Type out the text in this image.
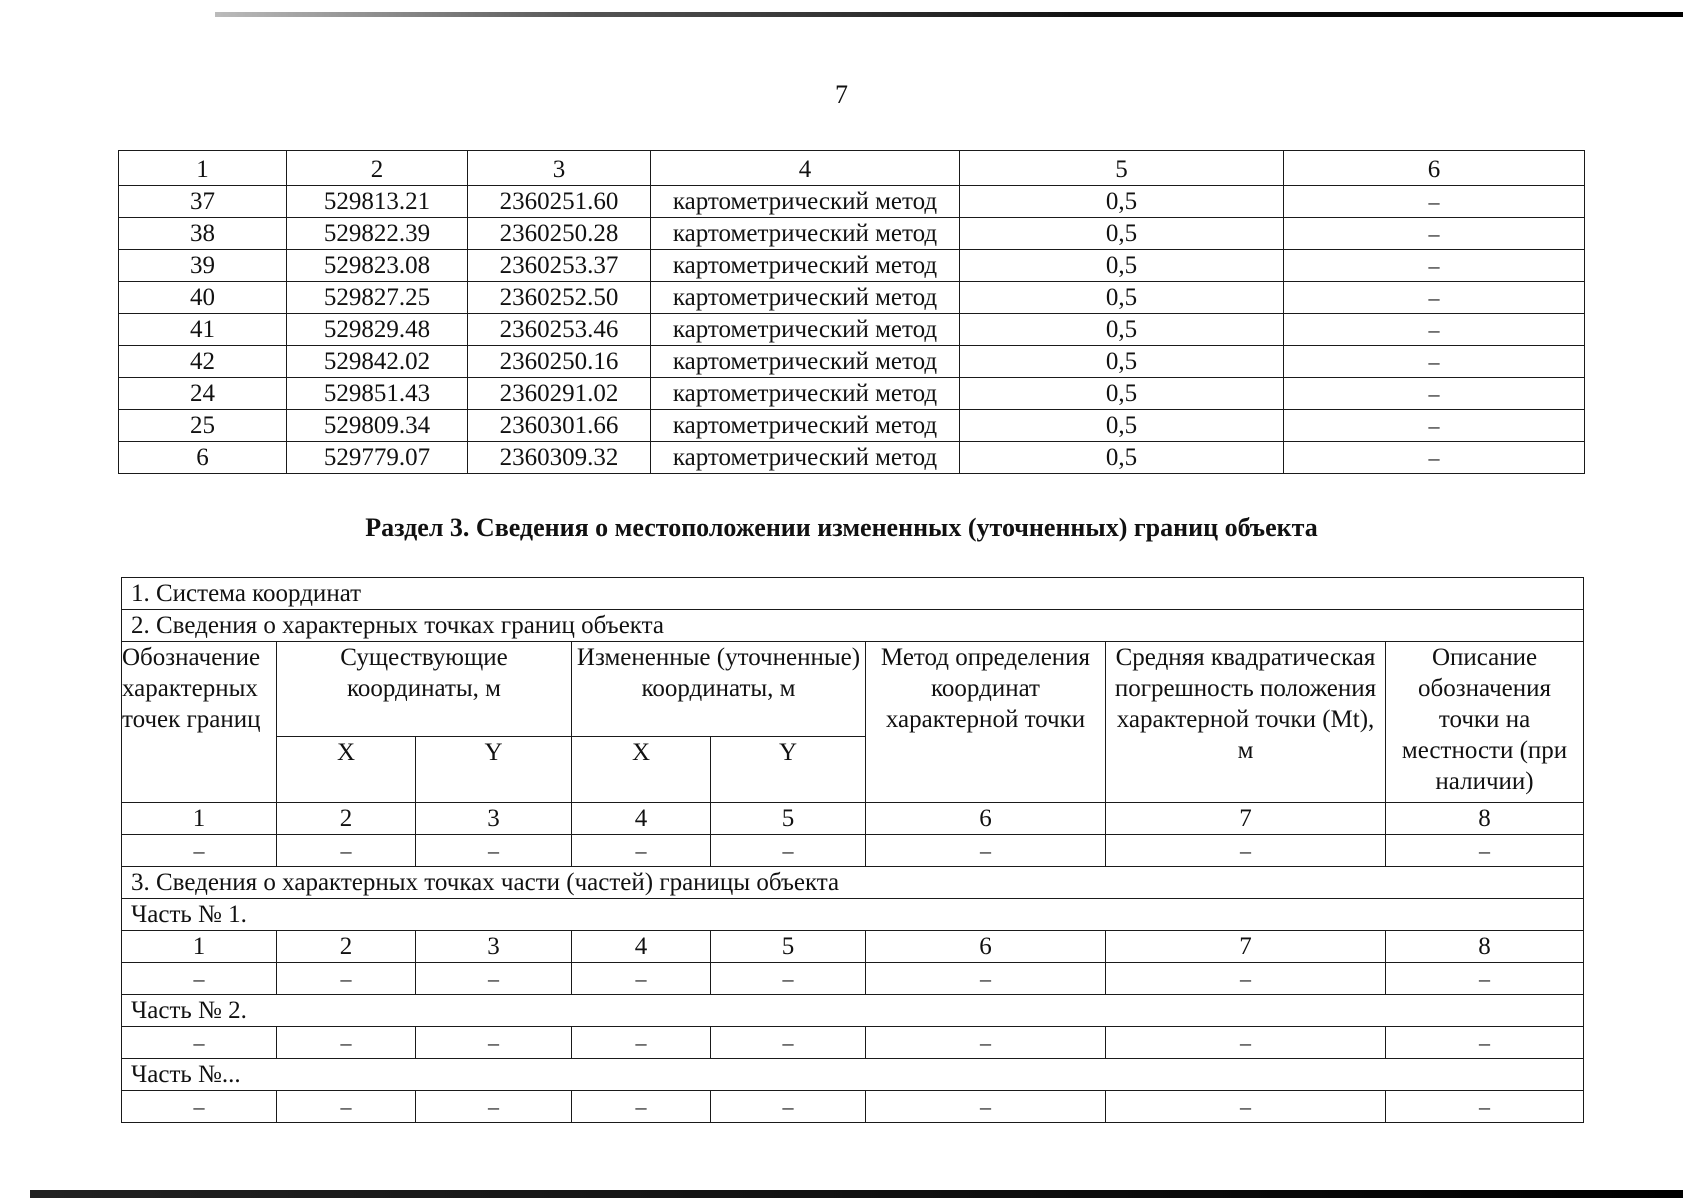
7
1	2	3	4	5	6
37	529813.21	2360251.60	картометрический метод	0,5	–
38	529822.39	2360250.28	картометрический метод	0,5	–
39	529823.08	2360253.37	картометрический метод	0,5	–
40	529827.25	2360252.50	картометрический метод	0,5	–
41	529829.48	2360253.46	картометрический метод	0,5	–
42	529842.02	2360250.16	картометрический метод	0,5	–
24	529851.43	2360291.02	картометрический метод	0,5	–
25	529809.34	2360301.66	картометрический метод	0,5	–
6	529779.07	2360309.32	картометрический метод	0,5	–
Раздел 3. Сведения о местоположении измененных (уточненных) границ объекта
1. Система координат							
2. Сведения о характерных точках границ объекта							
Обозначение характерных точек границ	Существующие координаты, м		Измененные (уточненные) координаты, м		Метод определения координат характерной точки	Средняя квадратическая погрешность положения характерной точки (Mt), м	Описание обозначения точки на местности (при наличии)
	X	Y	X	Y			
1	2	3	4	5	6	7	8
–	–	–	–	–	–	–	–
3. Сведения о характерных точках части (частей) границы объекта							
Часть № 1.							
1	2	3	4	5	6	7	8
–	–	–	–	–	–	–	–
Часть № 2.							
–	–	–	–	–	–	–	–
Часть №...							
–	–	–	–	–	–	–	–
